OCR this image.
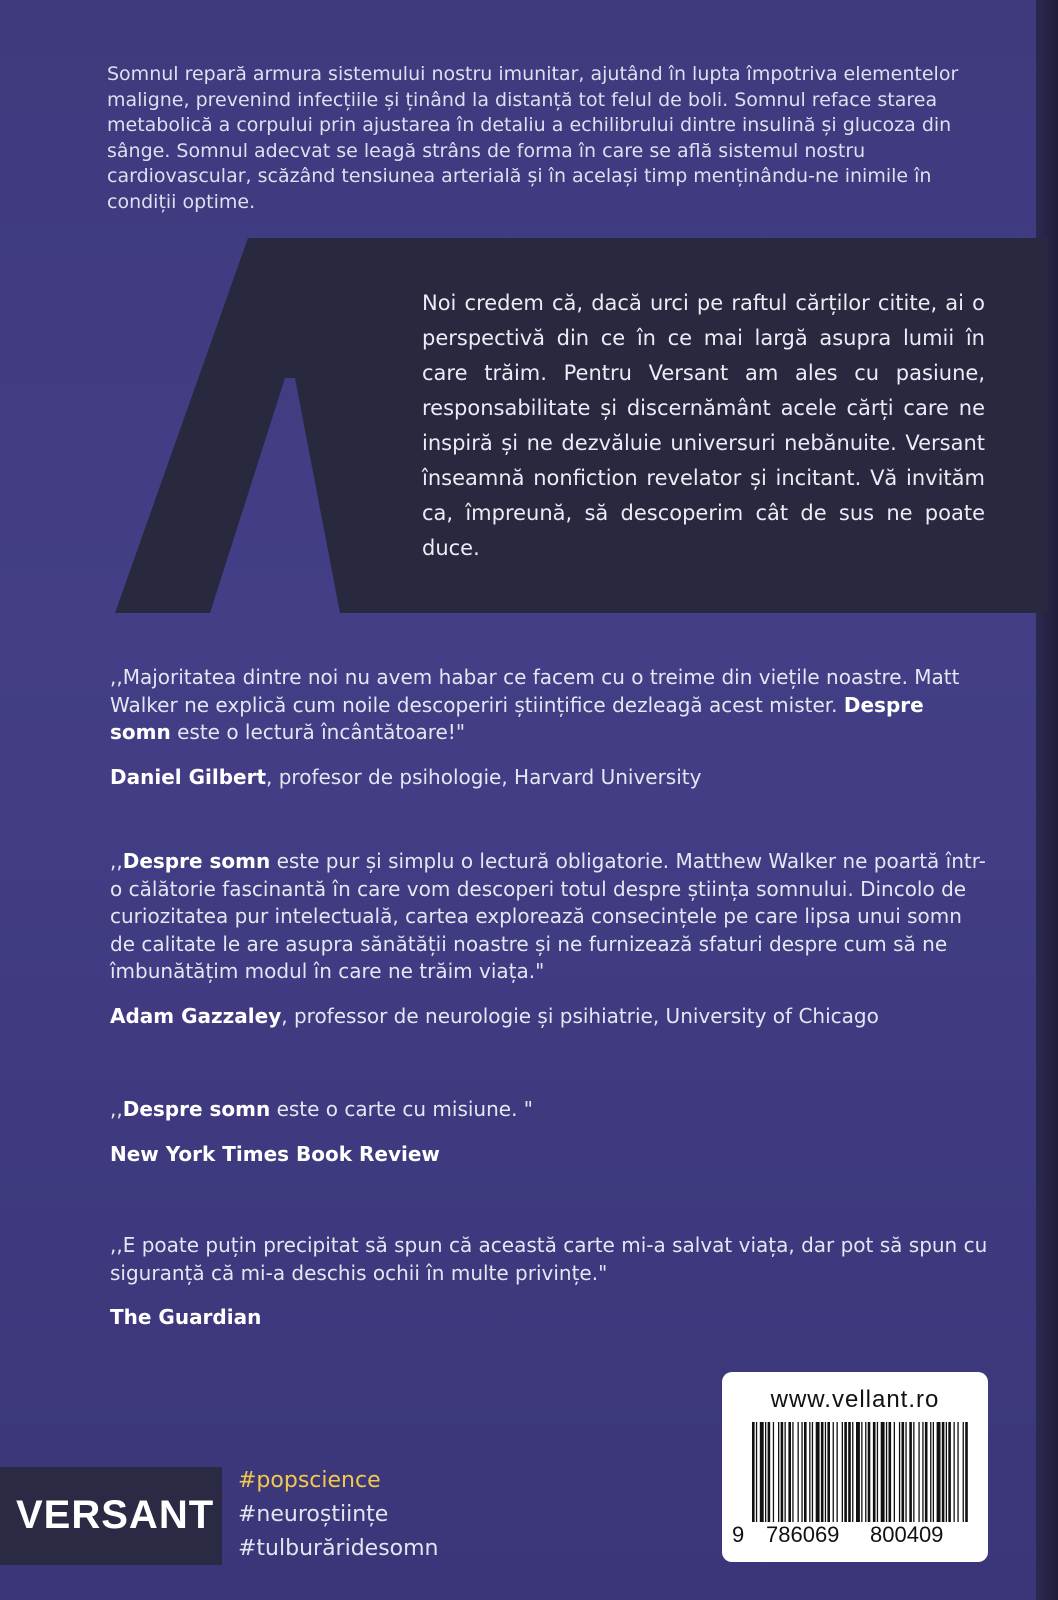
Somnul repară armura sistemului nostru imunitar, ajutând în lupta împotriva elementelor maligne, prevenind infecțiile și ținând la distanță tot felul de boli. Somnul reface starea metabolică a corpului prin ajustarea în detaliu a echilibrului dintre insulină și glucoza din sânge. Somnul adecvat se leagă strâns de forma în care se află sistemul nostru cardiovascular, scăzând tensiunea arterială și în același timp menținându-ne inimile în condiții optime.

Noi credem că, dacă urci pe raftul cărților citite, ai o perspectivă din ce în ce mai largă asupra lumii în care trăim. Pentru Versant am ales cu pasiune, responsabilitate și discernământ acele cărți care ne inspiră și ne dezvăluie universuri nebănuite. Versant înseamnă nonfiction revelator și incitant. Vă invităm ca, împreună, să descoperim cât de sus ne poate duce.

,,Majoritatea dintre noi nu avem habar ce facem cu o treime din viețile noastre. Matt Walker ne explică cum noile descoperiri științifice dezleagă acest mister. Despre somn este o lectură încântătoare!"

Daniel Gilbert, profesor de psihologie, Harvard University

,,Despre somn este pur și simplu o lectură obligatorie. Matthew Walker ne poartă într-o călătorie fascinantă în care vom descoperi totul despre știința somnului. Dincolo de curiozitatea pur intelectuală, cartea explorează consecințele pe care lipsa unui somn de calitate le are asupra sănătății noastre și ne furnizează sfaturi despre cum să ne îmbunătățim modul în care ne trăim viața."

Adam Gazzaley, professor de neurologie și psihiatrie, University of Chicago

,,Despre somn este o carte cu misiune. "

New York Times Book Review

,,E poate puțin precipitat să spun că această carte mi-a salvat viața, dar pot să spun cu siguranță că mi-a deschis ochii în multe privințe."

The Guardian

www.vellant.ro
9 786069 800409
VERSANT
#popscience
#neuroștiințe
#tulburăridesomn
